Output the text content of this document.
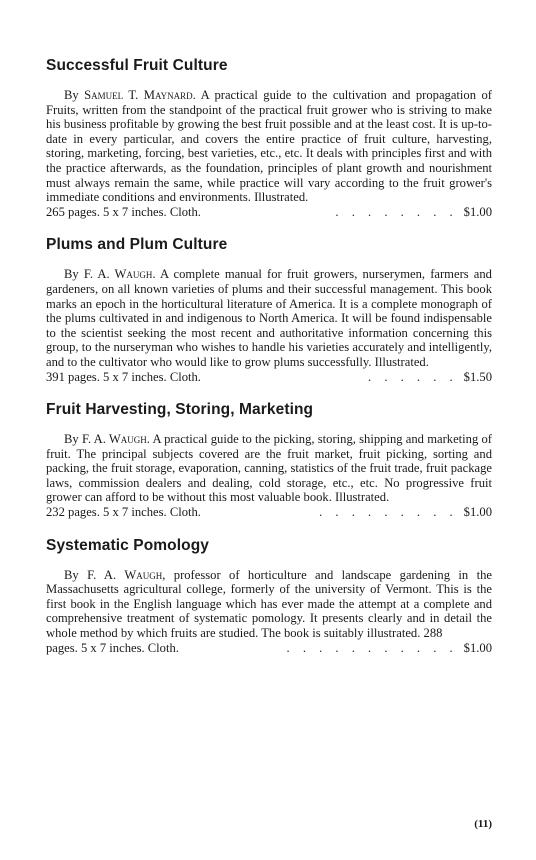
Successful Fruit Culture

By Samuel T. Maynard. A practical guide to the cultivation and propagation of Fruits, written from the standpoint of the practical fruit grower who is striving to make his business profitable by growing the best fruit possible and at the least cost. It is up-to-date in every particular, and covers the entire practice of fruit culture, harvesting, storing, marketing, forcing, best varieties, etc., etc. It deals with principles first and with the practice afterwards, as the foundation, principles of plant growth and nourishment must always remain the same, while practice will vary according to the fruit grower's immediate conditions and environments. Illustrated.

265 pages. 5 x 7 inches. Cloth.	. . . . . . . . $1.00
Plums and Plum Culture

By F. A. Waugh. A complete manual for fruit growers, nurserymen, farmers and gardeners, on all known varieties of plums and their successful management. This book marks an epoch in the horticultural literature of America. It is a complete monograph of the plums cultivated in and indigenous to North America. It will be found indispensable to the scientist seeking the most recent and authoritative information concerning this group, to the nurseryman who wishes to handle his varieties accurately and intelligently, and to the cultivator who would like to grow plums successfully. Illustrated.

391 pages. 5 x 7 inches. Cloth.	. . . . . . $1.50
Fruit Harvesting, Storing, Marketing

By F. A. Waugh. A practical guide to the picking, storing, shipping and marketing of fruit. The principal subjects covered are the fruit market, fruit picking, sorting and packing, the fruit storage, evaporation, canning, statistics of the fruit trade, fruit package laws, commission dealers and dealing, cold storage, etc., etc. No progressive fruit grower can afford to be without this most valuable book. Illustrated.

232 pages. 5 x 7 inches. Cloth.	. . . . . . . . . $1.00
Systematic Pomology

By F. A. Waugh, professor of horticulture and landscape gardening in the Massachusetts agricultural college, formerly of the university of Vermont. This is the first book in the English language which has ever made the attempt at a complete and comprehensive treatment of systematic pomology. It presents clearly and in detail the whole method by which fruits are studied. The book is suitably illustrated. 288

pages. 5 x 7 inches. Cloth.	. . . . . . . . . . . $1.00
(11)
